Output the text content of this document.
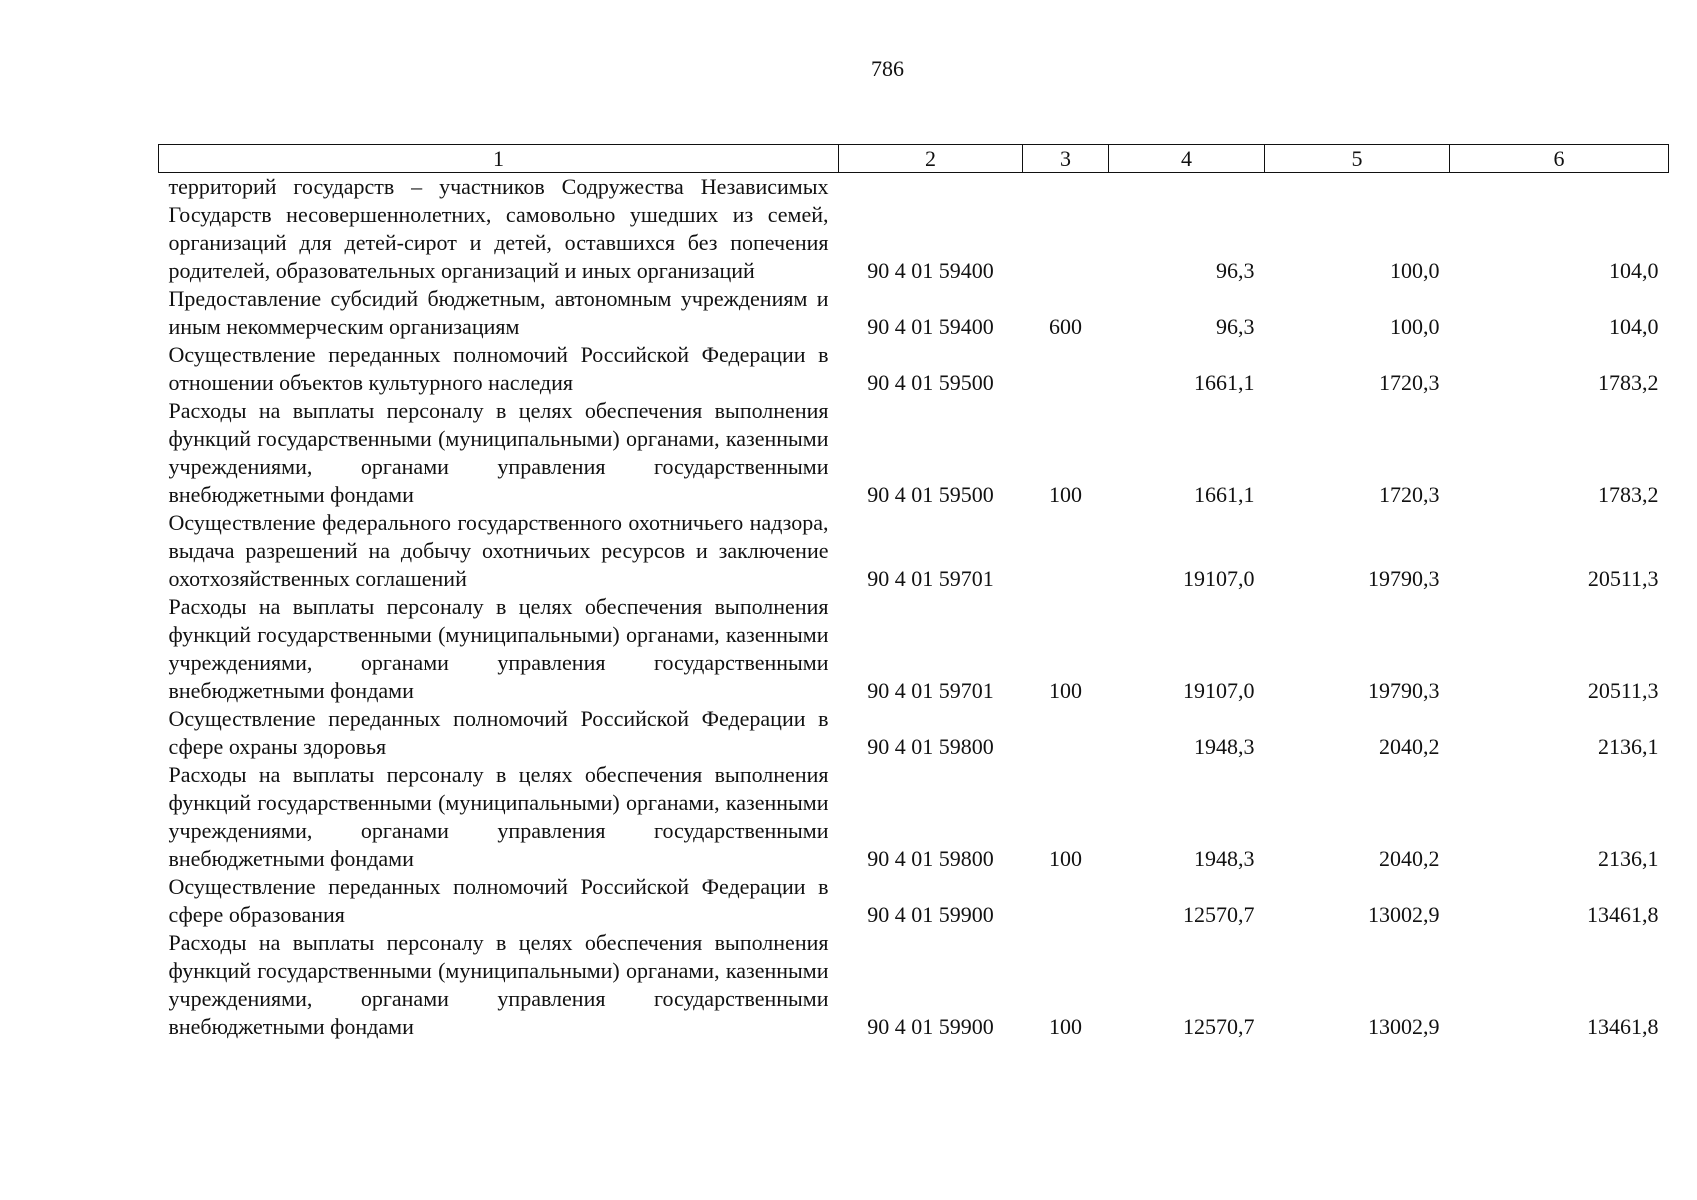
786
1	2	3	4	5	6
территорий государств – участников Содружества Независимых Государств несовершеннолетних, самовольно ушедших из семей, организаций для детей-сирот и детей, оставшихся без попечения родителей, образовательных организаций и иных организаций	90 4 01 59400		96,3	100,0	104,0
Предоставление субсидий бюджетным, автономным учреждениям и иным некоммерческим организациям	90 4 01 59400	600	96,3	100,0	104,0
Осуществление переданных полномочий Российской Федерации в отношении объектов культурного наследия	90 4 01 59500		1661,1	1720,3	1783,2
Расходы на выплаты персоналу в целях обеспечения выполнения функций государственными (муниципальными) органами, казенными учреждениями, органами управления государственными внебюджетными фондами	90 4 01 59500	100	1661,1	1720,3	1783,2
Осуществление федерального государственного охотничьего надзора, выдача разрешений на добычу охотничьих ресурсов и заключение охотхозяйственных соглашений	90 4 01 59701		19107,0	19790,3	20511,3
Расходы на выплаты персоналу в целях обеспечения выполнения функций государственными (муниципальными) органами, казенными учреждениями, органами управления государственными внебюджетными фондами	90 4 01 59701	100	19107,0	19790,3	20511,3
Осуществление переданных полномочий Российской Федерации в сфере охраны здоровья	90 4 01 59800		1948,3	2040,2	2136,1
Расходы на выплаты персоналу в целях обеспечения выполнения функций государственными (муниципальными) органами, казенными учреждениями, органами управления государственными внебюджетными фондами	90 4 01 59800	100	1948,3	2040,2	2136,1
Осуществление переданных полномочий Российской Федерации в сфере образования	90 4 01 59900		12570,7	13002,9	13461,8
Расходы на выплаты персоналу в целях обеспечения выполнения функций государственными (муниципальными) органами, казенными учреждениями, органами управления государственными внебюджетными фондами	90 4 01 59900	100	12570,7	13002,9	13461,8
